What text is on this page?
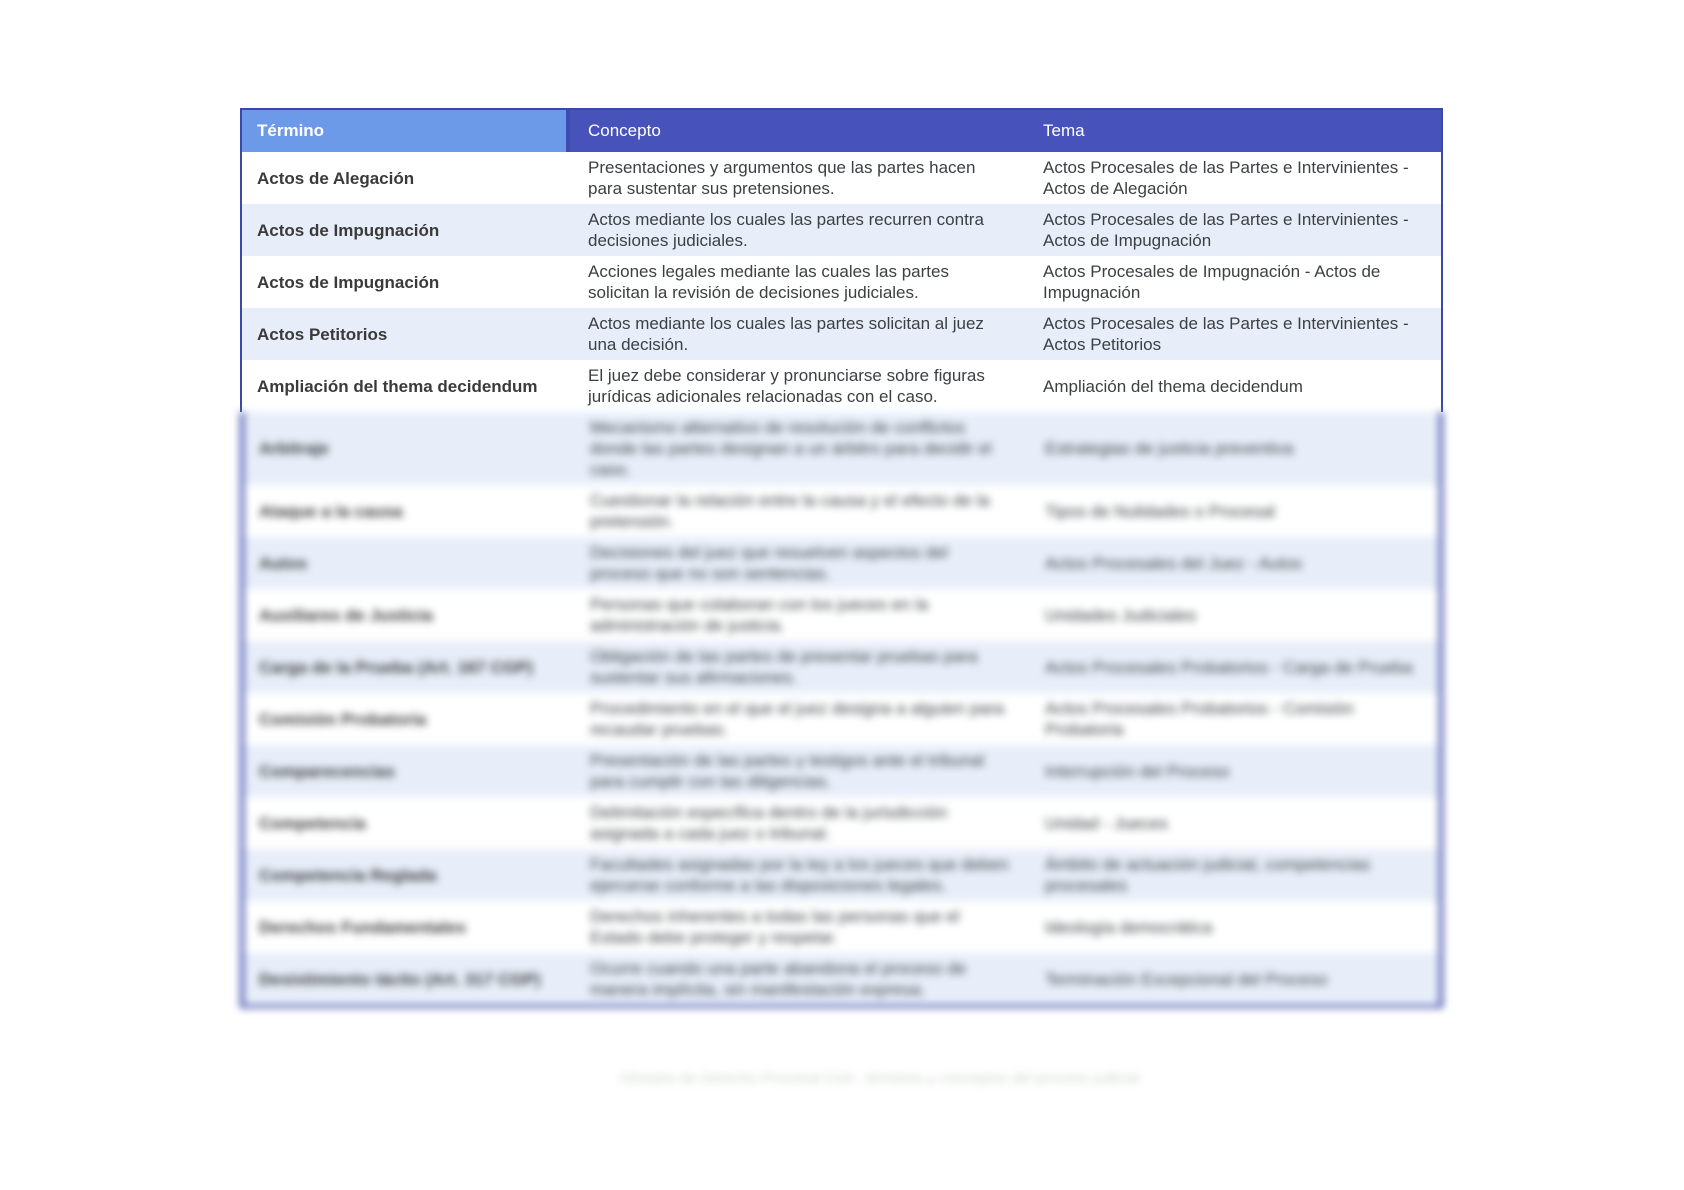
Término	Concepto	Tema
Actos de Alegación
Presentaciones y argumentos que las partes hacen para sustentar sus pretensiones.
Actos Procesales de las Partes e Intervinientes - Actos de Alegación
Actos de Impugnación
Actos mediante los cuales las partes recurren contra decisiones judiciales.
Actos Procesales de las Partes e Intervinientes - Actos de Impugnación
Actos de Impugnación
Acciones legales mediante las cuales las partes solicitan la revisión de decisiones judiciales.
Actos Procesales de Impugnación - Actos de Impugnación
Actos Petitorios
Actos mediante los cuales las partes solicitan al juez una decisión.
Actos Procesales de las Partes e Intervinientes - Actos Petitorios
Ampliación del thema decidendum
El juez debe considerar y pronunciarse sobre figuras jurídicas adicionales relacionadas con el caso.
Ampliación del thema decidendum
Arbitraje
Mecanismo alternativo de resolución de conflictos donde las partes designan a un árbitro para decidir el caso.
Estrategias de justicia preventiva
Ataque a la causa
Cuestionar la relación entre la causa y el efecto de la pretensión.
Tipos de Nulidades o Procesal
Autos
Decisiones del juez que resuelven aspectos del proceso que no son sentencias.
Actos Procesales del Juez - Autos
Auxiliares de Justicia
Personas que colaboran con los jueces en la administración de justicia.
Unidades Judiciales
Carga de la Prueba (Art. 167 CGP)
Obligación de las partes de presentar pruebas para sustentar sus afirmaciones.
Actos Procesales Probatorios - Carga de Prueba
Comisión Probatoria
Procedimiento en el que el juez designa a alguien para recaudar pruebas.
Actos Procesales Probatorios - Comisión Probatoria
Comparecencias
Presentación de las partes y testigos ante el tribunal para cumplir con las diligencias.
Interrupción del Proceso
Competencia
Delimitación específica dentro de la jurisdicción asignada a cada juez o tribunal.
Unidad - Jueces
Competencia Reglada
Facultades asignadas por la ley a los jueces que deben ejercerse conforme a las disposiciones legales.
Ámbito de actuación judicial, competencias procesales
Derechos Fundamentales
Derechos inherentes a todas las personas que el Estado debe proteger y respetar.
Ideología democrática
Desistimiento tácito (Art. 317 CGP)
Ocurre cuando una parte abandona el proceso de manera implícita, sin manifestación expresa.
Terminación Excepcional del Proceso
Glosario de Derecho Procesal Civil - términos y conceptos del proceso judicial
